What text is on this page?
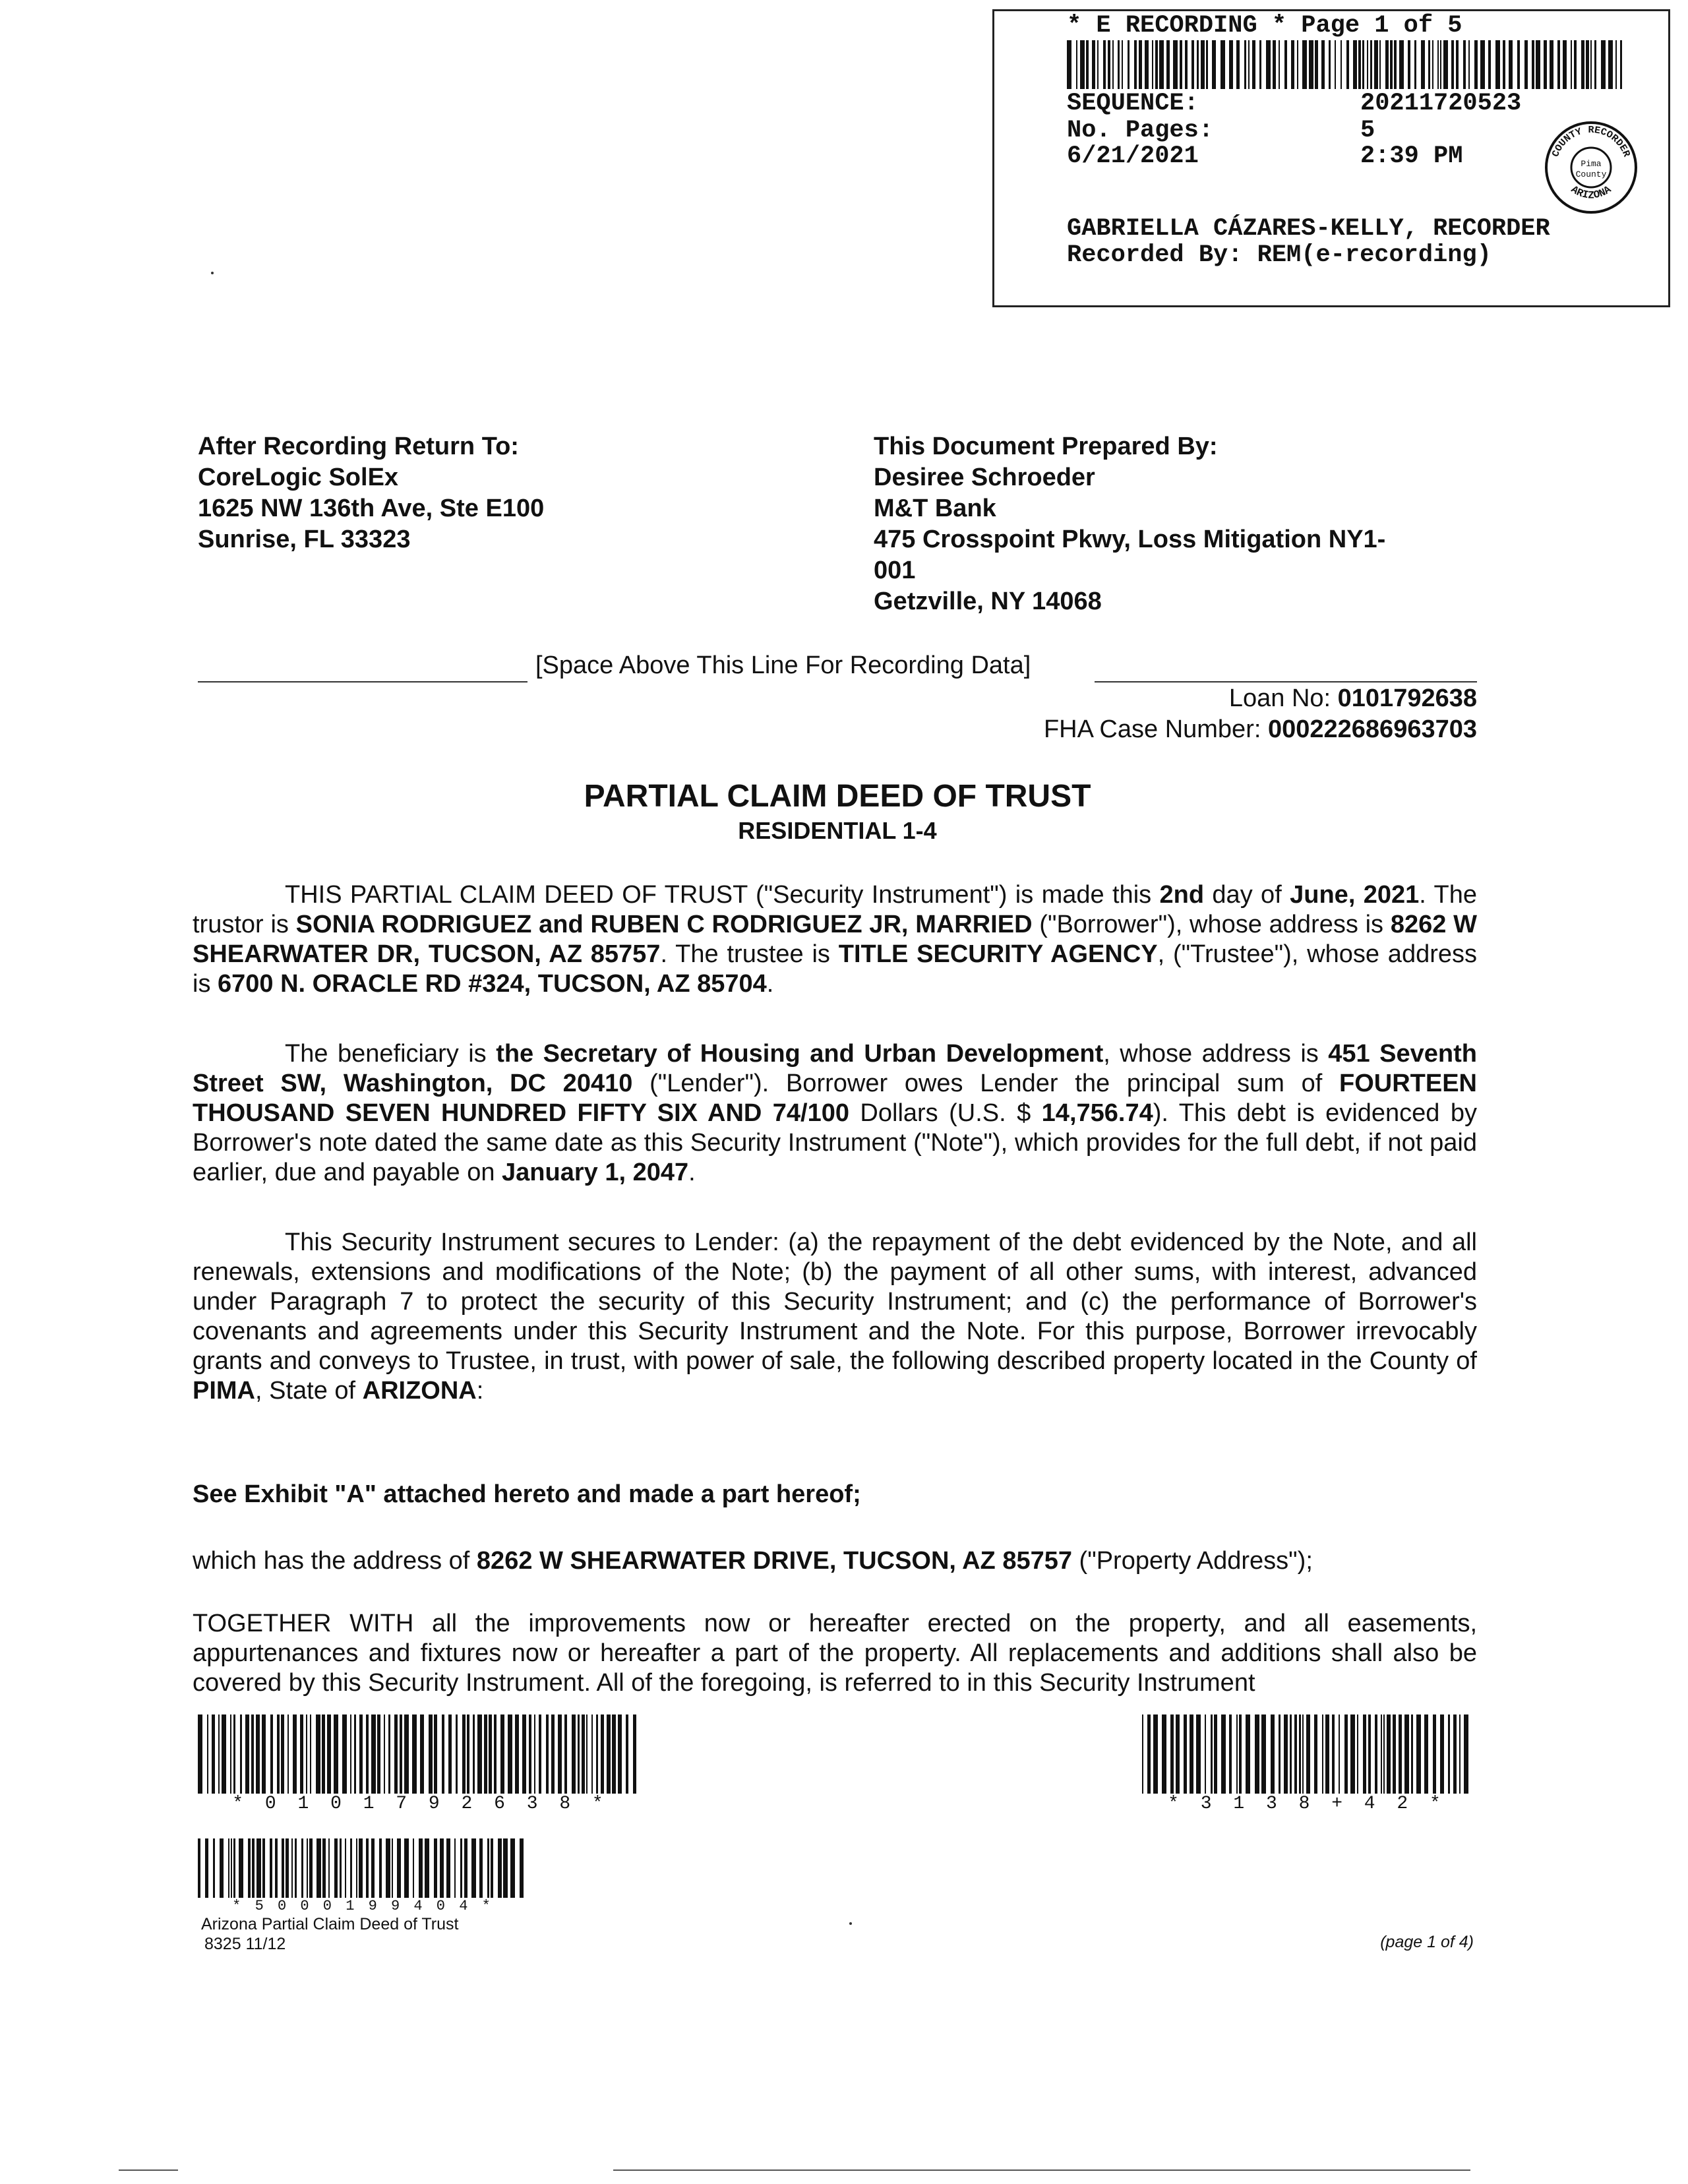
* E RECORDING * Page 1 of 5
SEQUENCE:	20211720523
No. Pages:	5
6/21/2021	2:39 PM	COUNTY RECORDER
ARIZONA
Pima
County
GABRIELLA CÁZARES-KELLY, RECORDER
Recorded By: REM(e-recording)
After Recording Return To:
CoreLogic SolEx
1625 NW 136th Ave, Ste E100
Sunrise, FL 33323
This Document Prepared By:
Desiree Schroeder
M&T Bank
475 Crosspoint Pkwy, Loss Mitigation NY1-
001
Getzville, NY 14068
[Space Above This Line For Recording Data]
Loan No: 0101792638
FHA Case Number: 000222686963703
PARTIAL CLAIM DEED OF TRUST
RESIDENTIAL 1-4
THIS PARTIAL CLAIM DEED OF TRUST ("Security Instrument") is made this 2nd day of June, 2021. The trustor is SONIA RODRIGUEZ and RUBEN C RODRIGUEZ JR, MARRIED ("Borrower"), whose address is 8262 W SHEARWATER DR, TUCSON, AZ 85757. The trustee is TITLE SECURITY AGENCY, ("Trustee"), whose address is 6700 N. ORACLE RD #324, TUCSON, AZ 85704.
The beneficiary is the Secretary of Housing and Urban Development, whose address is 451 Seventh Street SW, Washington, DC 20410 ("Lender"). Borrower owes Lender the principal sum of FOURTEEN THOUSAND SEVEN HUNDRED FIFTY SIX AND 74/100 Dollars (U.S. $ 14,756.74). This debt is evidenced by Borrower's note dated the same date as this Security Instrument ("Note"), which provides for the full debt, if not paid earlier, due and payable on January 1, 2047.
This Security Instrument secures to Lender: (a) the repayment of the debt evidenced by the Note, and all renewals, extensions and modifications of the Note; (b) the payment of all other sums, with interest, advanced under Paragraph 7 to protect the security of this Security Instrument; and (c) the performance of Borrower's covenants and agreements under this Security Instrument and the Note. For this purpose, Borrower irrevocably grants and conveys to Trustee, in trust, with power of sale, the following described property located in the County of PIMA, State of ARIZONA:
See Exhibit "A" attached hereto and made a part hereof;
which has the address of 8262 W SHEARWATER DRIVE, TUCSON, AZ 85757 ("Property Address");
TOGETHER WITH all the improvements now or hereafter erected on the property, and all easements, appurtenances and fixtures now or hereafter a part of the property. All replacements and additions shall also be covered by this Security Instrument. All of the foregoing, is referred to in this Security Instrument
* 0 1 0 1 7 9 2 6 3 8 *	* 3 1 3 8 + 4 2 *
* 5 0 0 0 1 9 9 4 0 4 *
Arizona Partial Claim Deed of Trust
8325 11/12	(page 1 of 4)
